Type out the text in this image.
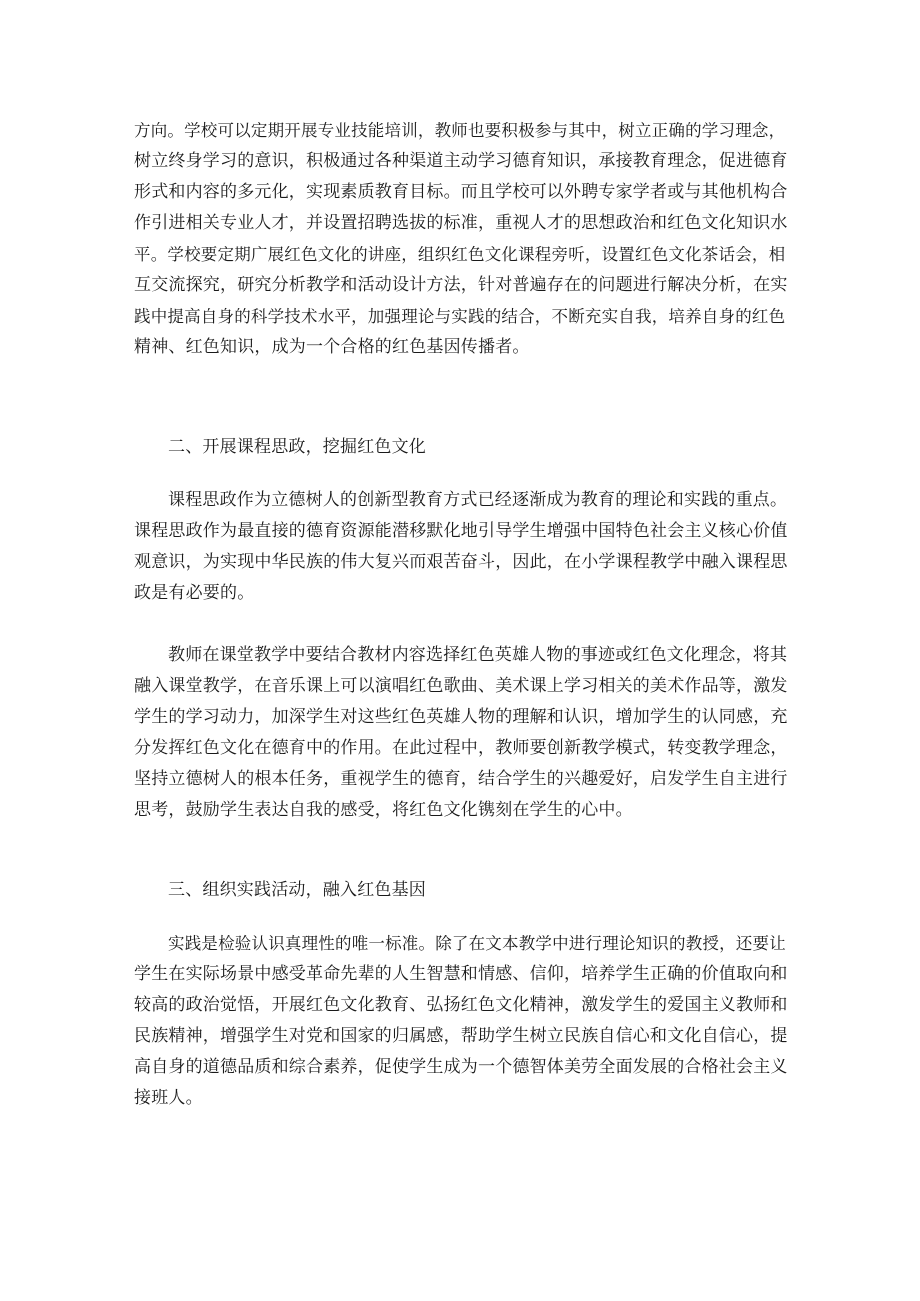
方向。学校可以定期开展专业技能培训，教师也要积极参与其中，树立正确的学习理念，
树立终身学习的意识，积极通过各种渠道主动学习德育知识，承接教育理念，促进德育
形式和内容的多元化，实现素质教育目标。而且学校可以外聘专家学者或与其他机构合
作引进相关专业人才，并设置招聘选拔的标准，重视人才的思想政治和红色文化知识水
平。学校要定期广展红色文化的讲座，组织红色文化课程旁听，设置红色文化茶话会，相
互交流探究，研究分析教学和活动设计方法，针对普遍存在的问题进行解决分析，在实
践中提高自身的科学技术水平，加强理论与实践的结合，不断充实自我，培养自身的红色
精神、红色知识，成为一个合格的红色基因传播者。
二、开展课程思政，挖掘红色文化
课程思政作为立德树人的创新型教育方式已经逐渐成为教育的理论和实践的重点。
课程思政作为最直接的德育资源能潜移默化地引导学生增强中国特色社会主义核心价值
观意识，为实现中华民族的伟大复兴而艰苦奋斗，因此，在小学课程教学中融入课程思
政是有必要的。
教师在课堂教学中要结合教材内容选择红色英雄人物的事迹或红色文化理念，将其
融入课堂教学，在音乐课上可以演唱红色歌曲、美术课上学习相关的美术作品等，激发
学生的学习动力，加深学生对这些红色英雄人物的理解和认识，增加学生的认同感，充
分发挥红色文化在德育中的作用。在此过程中，教师要创新教学模式，转变教学理念，
坚持立德树人的根本任务，重视学生的德育，结合学生的兴趣爱好，启发学生自主进行
思考，鼓励学生表达自我的感受，将红色文化镌刻在学生的心中。
三、组织实践活动，融入红色基因
实践是检验认识真理性的唯一标准。除了在文本教学中进行理论知识的教授，还要让
学生在实际场景中感受革命先辈的人生智慧和情感、信仰，培养学生正确的价值取向和
较高的政治觉悟，开展红色文化教育、弘扬红色文化精神，激发学生的爱国主义教师和
民族精神，增强学生对党和国家的归属感，帮助学生树立民族自信心和文化自信心，提
高自身的道德品质和综合素养，促使学生成为一个德智体美劳全面发展的合格社会主义
接班人。
